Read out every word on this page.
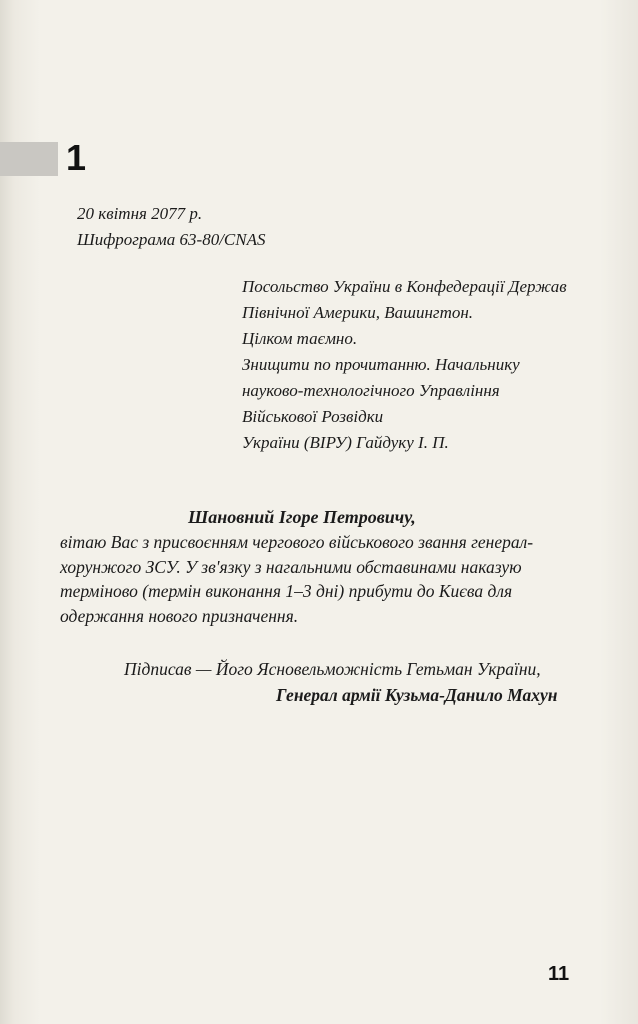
1
20 квітня 2077 р.
Шифрограма 63-80/CNAS
Посольство України в Конфедерації Держав
Північної Америки, Вашингтон.
Цілком таємно.
Знищити по прочитанню. Начальнику
науково-технологічного Управління
Військової Розвідки
України (ВІРУ) Гайдуку І. П.
Шановний Ігоре Петровичу,
вітаю Вас з присвоєнням чергового військового звання генерал-
хорунжого ЗСУ. У зв'язку з нагальними обставинами наказую
терміново (термін виконання 1–3 дні) прибути до Києва для
одержання нового призначення.
Підписав — Його Ясновельможність Гетьман України,
Генерал армії Кузьма-Данило Махун
11
